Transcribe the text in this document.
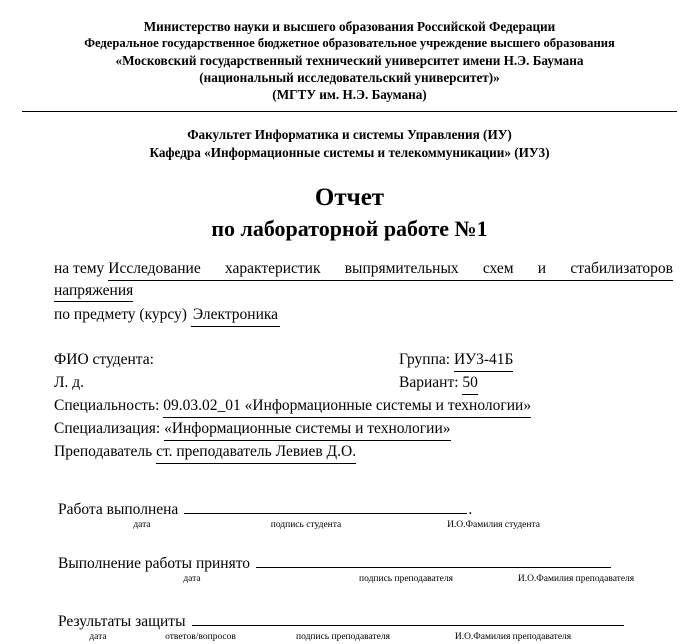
Министерство науки и высшего образования Российской Федерации
Федеральное государственное бюджетное образовательное учреждение высшего образования
«Московский государственный технический университет имени Н.Э. Баумана
(национальный исследовательский университет)»
(МГТУ им. Н.Э. Баумана)
Факультет Информатика и системы Управления (ИУ)
Кафедра «Информационные системы и телекоммуникации» (ИУ3)
Отчет
по лабораторной работе №1
на тему Исследование характеристик выпрямительных схем и стабилизаторов
напряжения
по предмету (курсу) Электроника
ФИО студента:	Группа: ИУ3-41Б
Л. д.	Вариант: 50
Специальность: 09.03.02_01 «Информационные системы и технологии»
Специализация: «Информационные системы и технологии»
Преподаватель ст. преподаватель Левиев Д.О.
Работа выполнена	.
дата	подпись студента	И.О.Фамилия студента
Выполнение работы принято
дата	подпись преподавателя	И.О.Фамилия преподавателя
Результаты защиты
дата	ответов/вопросов	подпись преподавателя	И.О.Фамилия преподавателя
